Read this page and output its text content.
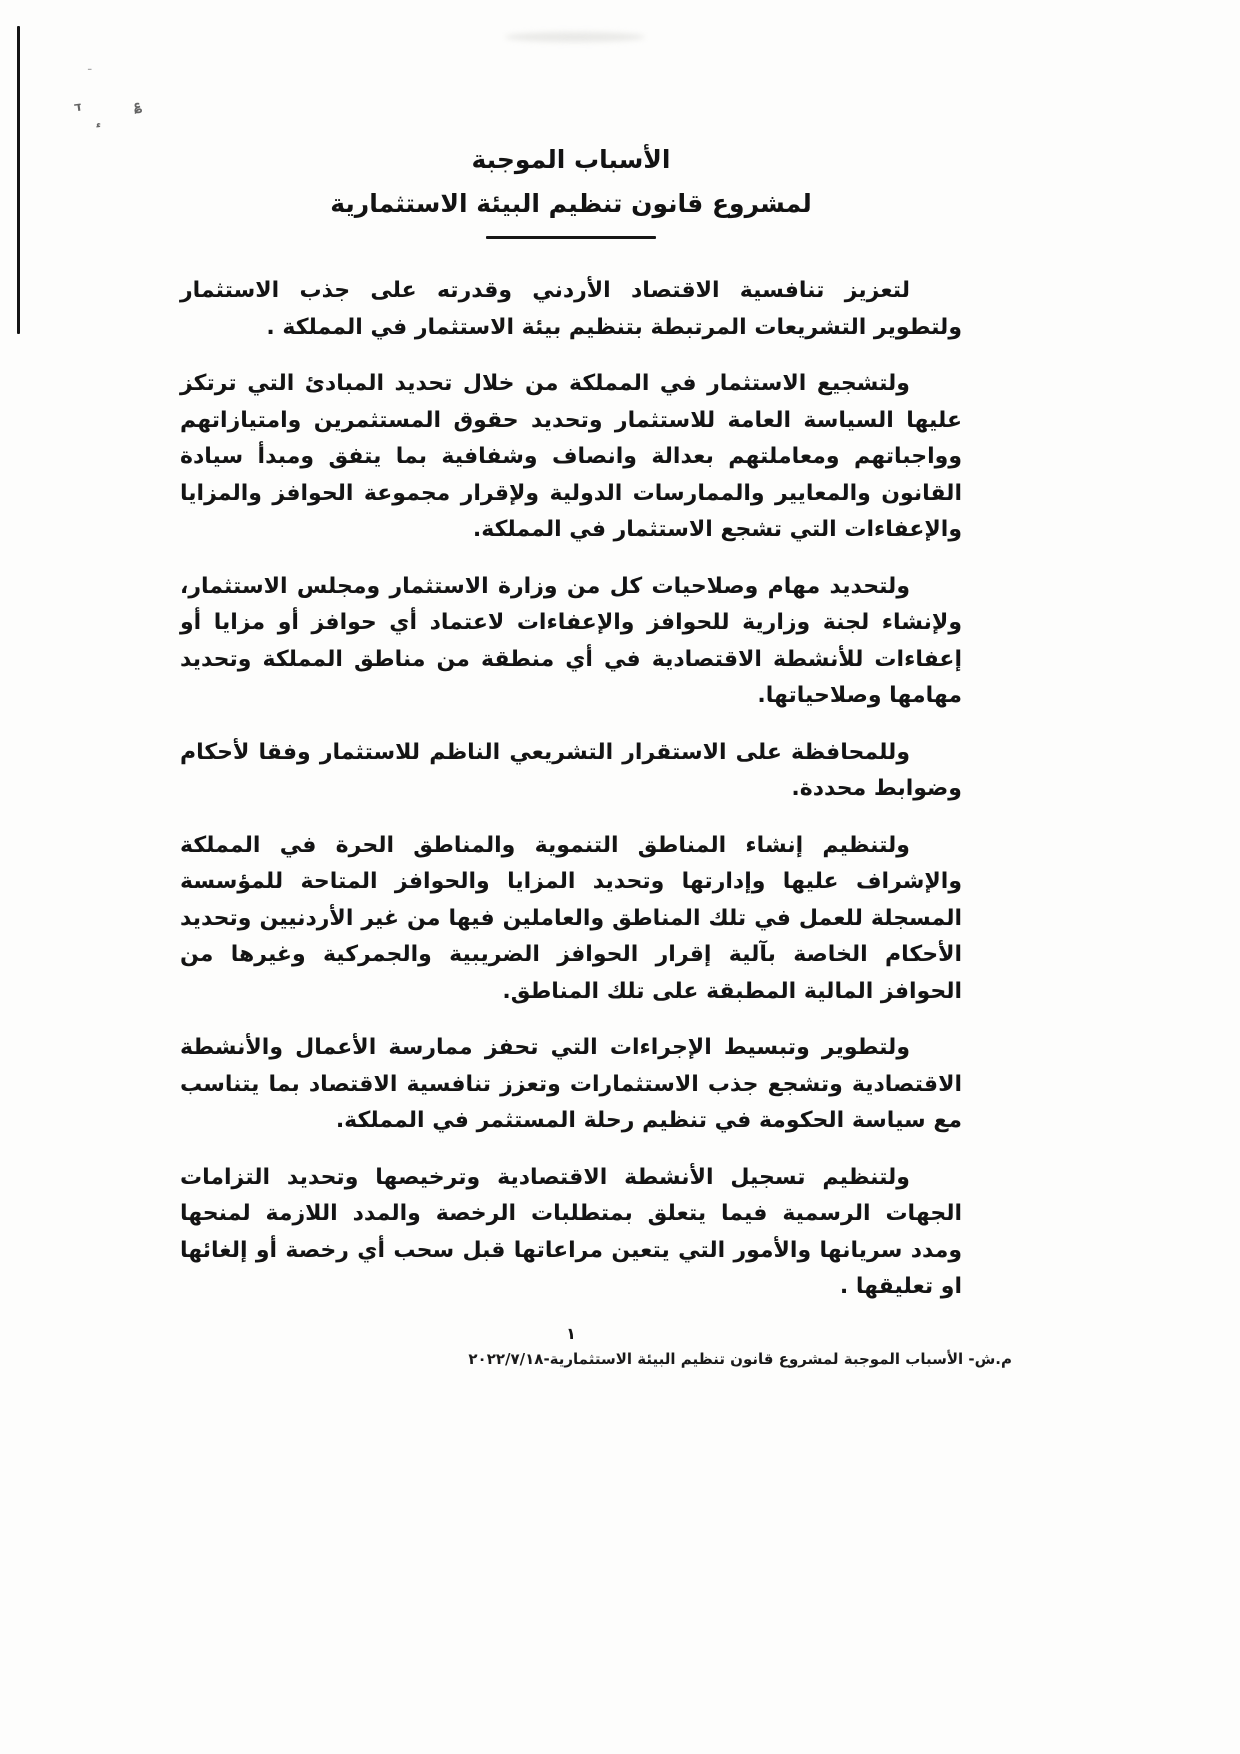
ד
ء
؏
ـ
الأسباب الموجبة
لمشروع قانون تنظيم البيئة الاستثمارية

لتعزيز تنافسية الاقتصاد الأردني وقدرته على جذب الاستثمار ولتطوير التشريعات المرتبطة بتنظيم بيئة الاستثمار في المملكة .

ولتشجيع الاستثمار في المملكة من خلال تحديد المبادئ التي ترتكز عليها السياسة العامة للاستثمار وتحديد حقوق المستثمرين وامتيازاتهم وواجباتهم ومعاملتهم بعدالة وانصاف وشفافية بما يتفق ومبدأ سيادة القانون والمعايير والممارسات الدولية ولإقرار مجموعة الحوافز والمزايا والإعفاءات التي تشجع الاستثمار في المملكة.

ولتحديد مهام وصلاحيات كل من وزارة الاستثمار ومجلس الاستثمار، ولإنشاء لجنة وزارية للحوافز والإعفاءات لاعتماد أي حوافز أو مزايا أو إعفاءات للأنشطة الاقتصادية في أي منطقة من مناطق المملكة وتحديد مهامها وصلاحياتها.

وللمحافظة على الاستقرار التشريعي الناظم للاستثمار وفقا لأحكام وضوابط محددة.

ولتنظيم إنشاء المناطق التنموية والمناطق الحرة في المملكة والإشراف عليها وإدارتها وتحديد المزايا والحوافز المتاحة للمؤسسة المسجلة للعمل في تلك المناطق والعاملين فيها من غير الأردنيين وتحديد الأحكام الخاصة بآلية إقرار الحوافز الضريبية والجمركية وغيرها من الحوافز المالية المطبقة على تلك المناطق.

ولتطوير وتبسيط الإجراءات التي تحفز ممارسة الأعمال والأنشطة الاقتصادية وتشجع جذب الاستثمارات وتعزز تنافسية الاقتصاد بما يتناسب مع سياسة الحكومة في تنظيم رحلة المستثمر في المملكة.

ولتنظيم تسجيل الأنشطة الاقتصادية وترخيصها وتحديد التزامات الجهات الرسمية فيما يتعلق بمتطلبات الرخصة والمدد اللازمة لمنحها ومدد سريانها والأمور التي يتعين مراعاتها قبل سحب أي رخصة أو إلغائها او تعليقها .

١
م.ش- الأسباب الموجبة لمشروع قانون تنظيم البيئة الاستثمارية-٢٠٢٢/٧/١٨
